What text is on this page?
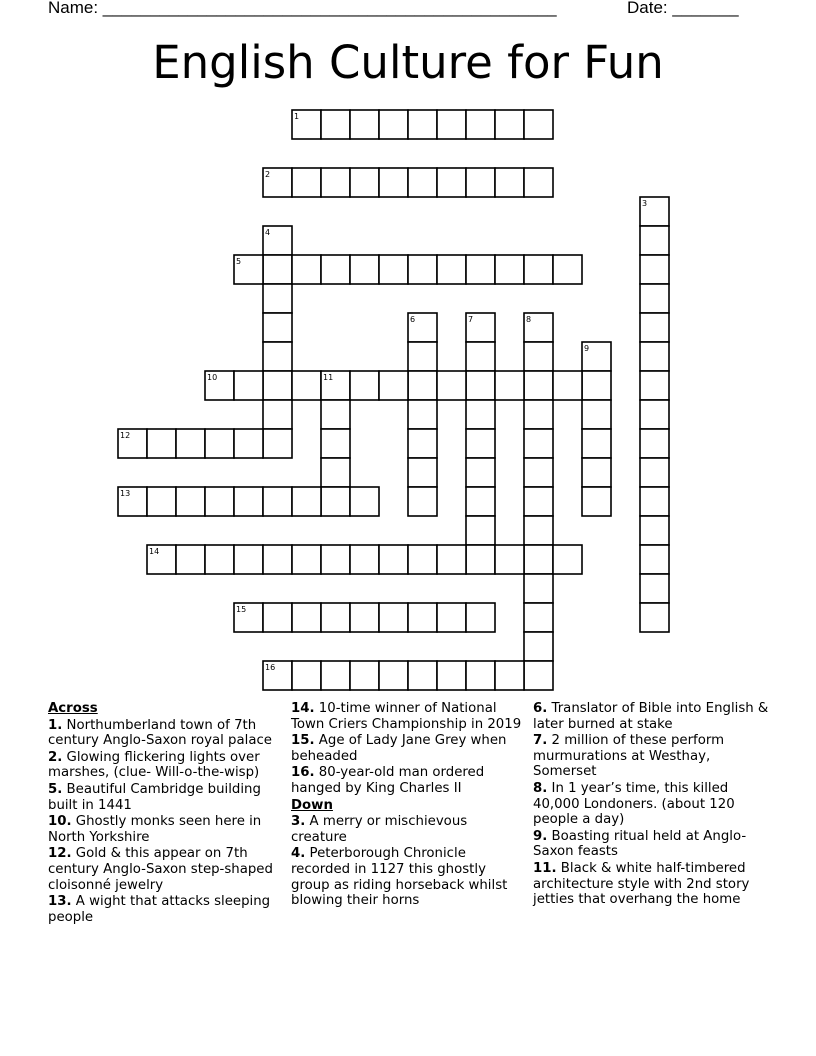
Name: ________________________________________________	Date: _______
English Culture for Fun
1
2
3
4
5
6	7	8
9
10	11
12
13
14
15
16
Across
1. Northumberland town of 7th century Anglo-Saxon royal palace
2. Glowing flickering lights over marshes, (clue- Will-o-the-wisp)
5. Beautiful Cambridge building built in 1441
10. Ghostly monks seen here in North Yorkshire
12. Gold & this appear on 7th century Anglo-Saxon step-shaped cloisonné jewelry
13. A wight that attacks sleeping people
14. 10-time winner of National Town Criers Championship in 2019
15. Age of Lady Jane Grey when beheaded
16. 80-year-old man ordered hanged by King Charles II
Down
3. A merry or mischievous creature
4. Peterborough Chronicle recorded in 1127 this ghostly group as riding horseback whilst blowing their horns
6. Translator of Bible into English & later burned at stake
7. 2 million of these perform murmurations at Westhay, Somerset
8. In 1 year’s time, this killed 40,000 Londoners. (about 120 people a day)
9. Boasting ritual held at Anglo-Saxon feasts
11. Black & white half-timbered architecture style with 2nd story jetties that overhang the home
